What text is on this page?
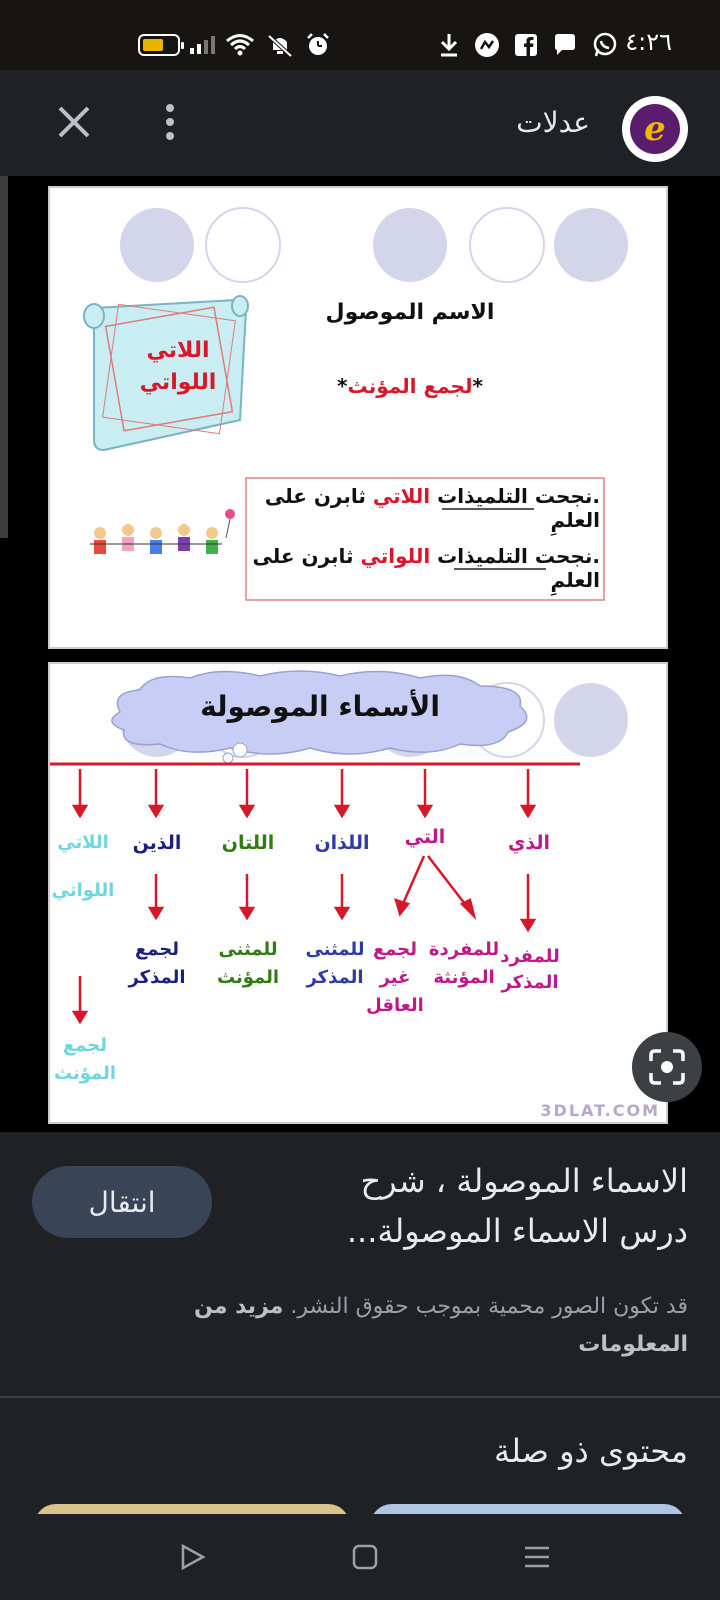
٤:٢٦
عدلات	e
اللاتي
اللواتي
الاسم الموصول
*لجمع المؤنث*
.نجحت التلميذات اللاتي ثابرن على العلمِ
.نجحت التلميذات اللواتي ثابرن على العلمِ
الأسماء الموصولة
الذي
التي
اللذان
اللتان
الذين
اللاتي
اللواتي
للمفرد
المذكر
للمفردة
المؤنثة
لجمع
غير
العاقل
للمثنى
المذكر
للمثنى
المؤنث
لجمع
المذكر
لجمع
المؤنث
3DLAT.COM
انتقال
الاسماء الموصولة ، شرح
درس الاسماء الموصولة...
قد تكون الصور محمية بموجب حقوق النشر. مزيد من المعلومات
محتوى ذو صلة
